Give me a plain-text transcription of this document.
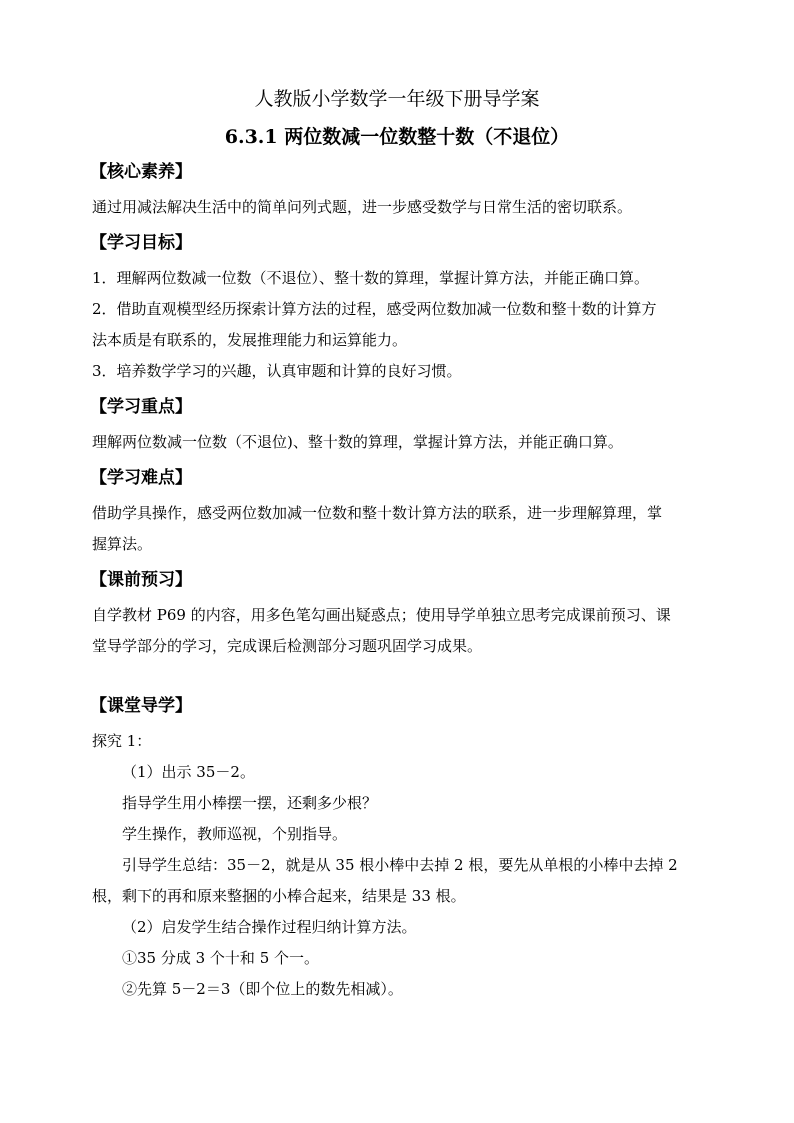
人教版小学数学一年级下册导学案
6.3.1 两位数减一位数整十数（不退位）
【核心素养】

通过用减法解决生活中的简单问列式题，进一步感受数学与日常生活的密切联系。

【学习目标】

1．理解两位数减一位数（不退位）、整十数的算理，掌握计算方法，并能正确口算。

2．借助直观模型经历探索计算方法的过程，感受两位数加减一位数和整十数的计算方

法本质是有联系的，发展推理能力和运算能力。

3．培养数学学习的兴趣，认真审题和计算的良好习惯。

【学习重点】

理解两位数减一位数（不退位)、整十数的算理，掌握计算方法，并能正确口算。

【学习难点】

借助学具操作，感受两位数加减一位数和整十数计算方法的联系，进一步理解算理，掌

握算法。

【课前预习】

自学教材 P69 的内容，用多色笔勾画出疑惑点；使用导学单独立思考完成课前预习、课

堂导学部分的学习，完成课后检测部分习题巩固学习成果。

【课堂导学】

探究 1：

（1）出示 35－2。

指导学生用小棒摆一摆，还剩多少根？

学生操作，教师巡视，个别指导。

引导学生总结：35－2，就是从 35 根小棒中去掉 2 根，要先从单根的小棒中去掉 2

根，剩下的再和原来整捆的小棒合起来，结果是 33 根。

（2）启发学生结合操作过程归纳计算方法。

①35 分成 3 个十和 5 个一。

②先算 5－2＝3（即个位上的数先相减）。
